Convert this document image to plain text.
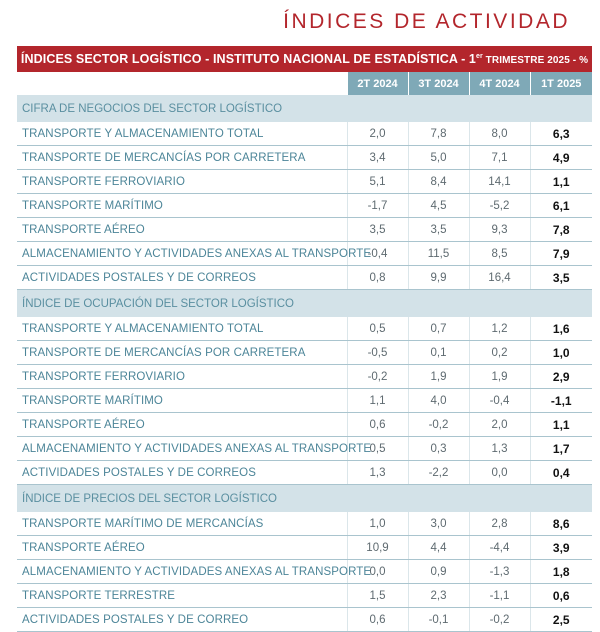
ÍNDICES DE ACTIVIDAD
ÍNDICES SECTOR LOGÍSTICO - INSTITUTO NACIONAL DE ESTADÍSTICA - 1er TRIMESTRE 2025 - %
	2T 2024	3T 2024	4T 2024	1T 2025
CIFRA DE NEGOCIOS DEL SECTOR LOGÍSTICO				
TRANSPORTE Y ALMACENAMIENTO TOTAL	2,0	7,8	8,0	6,3
TRANSPORTE DE MERCANCÍAS POR CARRETERA	3,4	5,0	7,1	4,9
TRANSPORTE FERROVIARIO	5,1	8,4	14,1	1,1
TRANSPORTE MARÍTIMO	-1,7	4,5	-5,2	6,1
TRANSPORTE AÉREO	3,5	3,5	9,3	7,8
ALMACENAMIENTO Y ACTIVIDADES ANEXAS AL TRANSPORTE	-0,4	11,5	8,5	7,9
ACTIVIDADES POSTALES Y DE CORREOS	0,8	9,9	16,4	3,5
ÍNDICE DE OCUPACIÓN DEL SECTOR LOGÍSTICO				
TRANSPORTE Y ALMACENAMIENTO TOTAL	0,5	0,7	1,2	1,6
TRANSPORTE DE MERCANCÍAS POR CARRETERA	-0,5	0,1	0,2	1,0
TRANSPORTE FERROVIARIO	-0,2	1,9	1,9	2,9
TRANSPORTE MARÍTIMO	1,1	4,0	-0,4	-1,1
TRANSPORTE AÉREO	0,6	-0,2	2,0	1,1
ALMACENAMIENTO Y ACTIVIDADES ANEXAS AL TRANSPORTE	0,5	0,3	1,3	1,7
ACTIVIDADES POSTALES Y DE CORREOS	1,3	-2,2	0,0	0,4
ÍNDICE DE PRECIOS DEL SECTOR LOGÍSTICO				
TRANSPORTE MARÍTIMO DE MERCANCÍAS	1,0	3,0	2,8	8,6
TRANSPORTE AÉREO	10,9	4,4	-4,4	3,9
ALMACENAMIENTO Y ACTIVIDADES ANEXAS AL TRANSPORTE	0,0	0,9	-1,3	1,8
TRANSPORTE TERRESTRE	1,5	2,3	-1,1	0,6
ACTIVIDADES POSTALES Y DE CORREO	0,6	-0,1	-0,2	2,5
